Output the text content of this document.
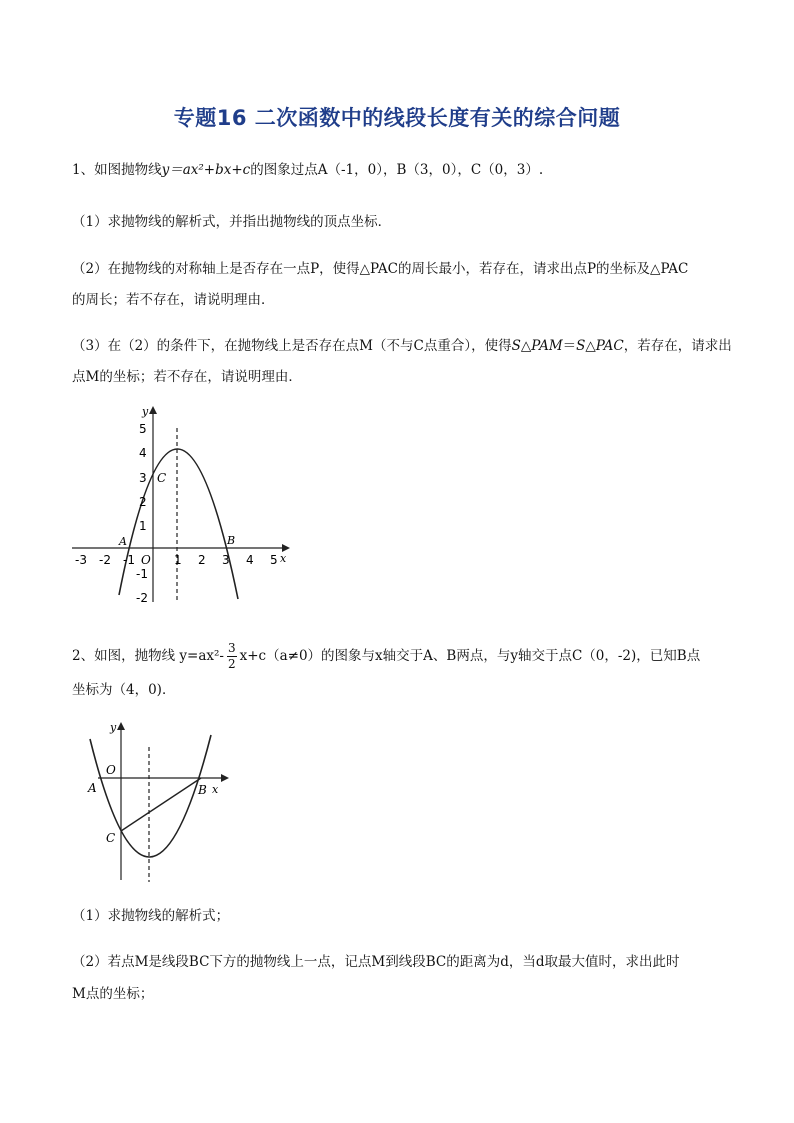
专题16 二次函数中的线段长度有关的综合问题
1、如图抛物线y＝ax²+bx+c的图象过点A（-1，0），B（3，0），C（0，3）.
（1）求抛物线的解析式，并指出抛物线的顶点坐标．
（2）在抛物线的对称轴上是否存在一点P，使得△PAC的周长最小，若存在，请求出点P的坐标及△PAC
的周长；若不存在，请说明理由．
（3）在（2）的条件下，在抛物线上是否存在点M（不与C点重合），使得S△PAM＝S△PAC，若存在，请求出
点M的坐标；若不存在，请说明理由．
-3 -2 -1	1 2 3 4 5
5
4
3
2
1
-1
-2
y
x
O
A	B
C
2、如图，抛物线 $y=ax^2- \frac{3}{2} x+c(a\ne 0)$的图象与x轴交于A、B两点，与y轴交于点C（0，-2)，已知B点
坐标为（4，0)．
y
x
O
A	B
C
（1）求抛物线的解析式；
（2）若点M是线段BC下方的抛物线上一点，记点M到线段BC的距离为d，当d取最大值时，求出此时
M点的坐标；
